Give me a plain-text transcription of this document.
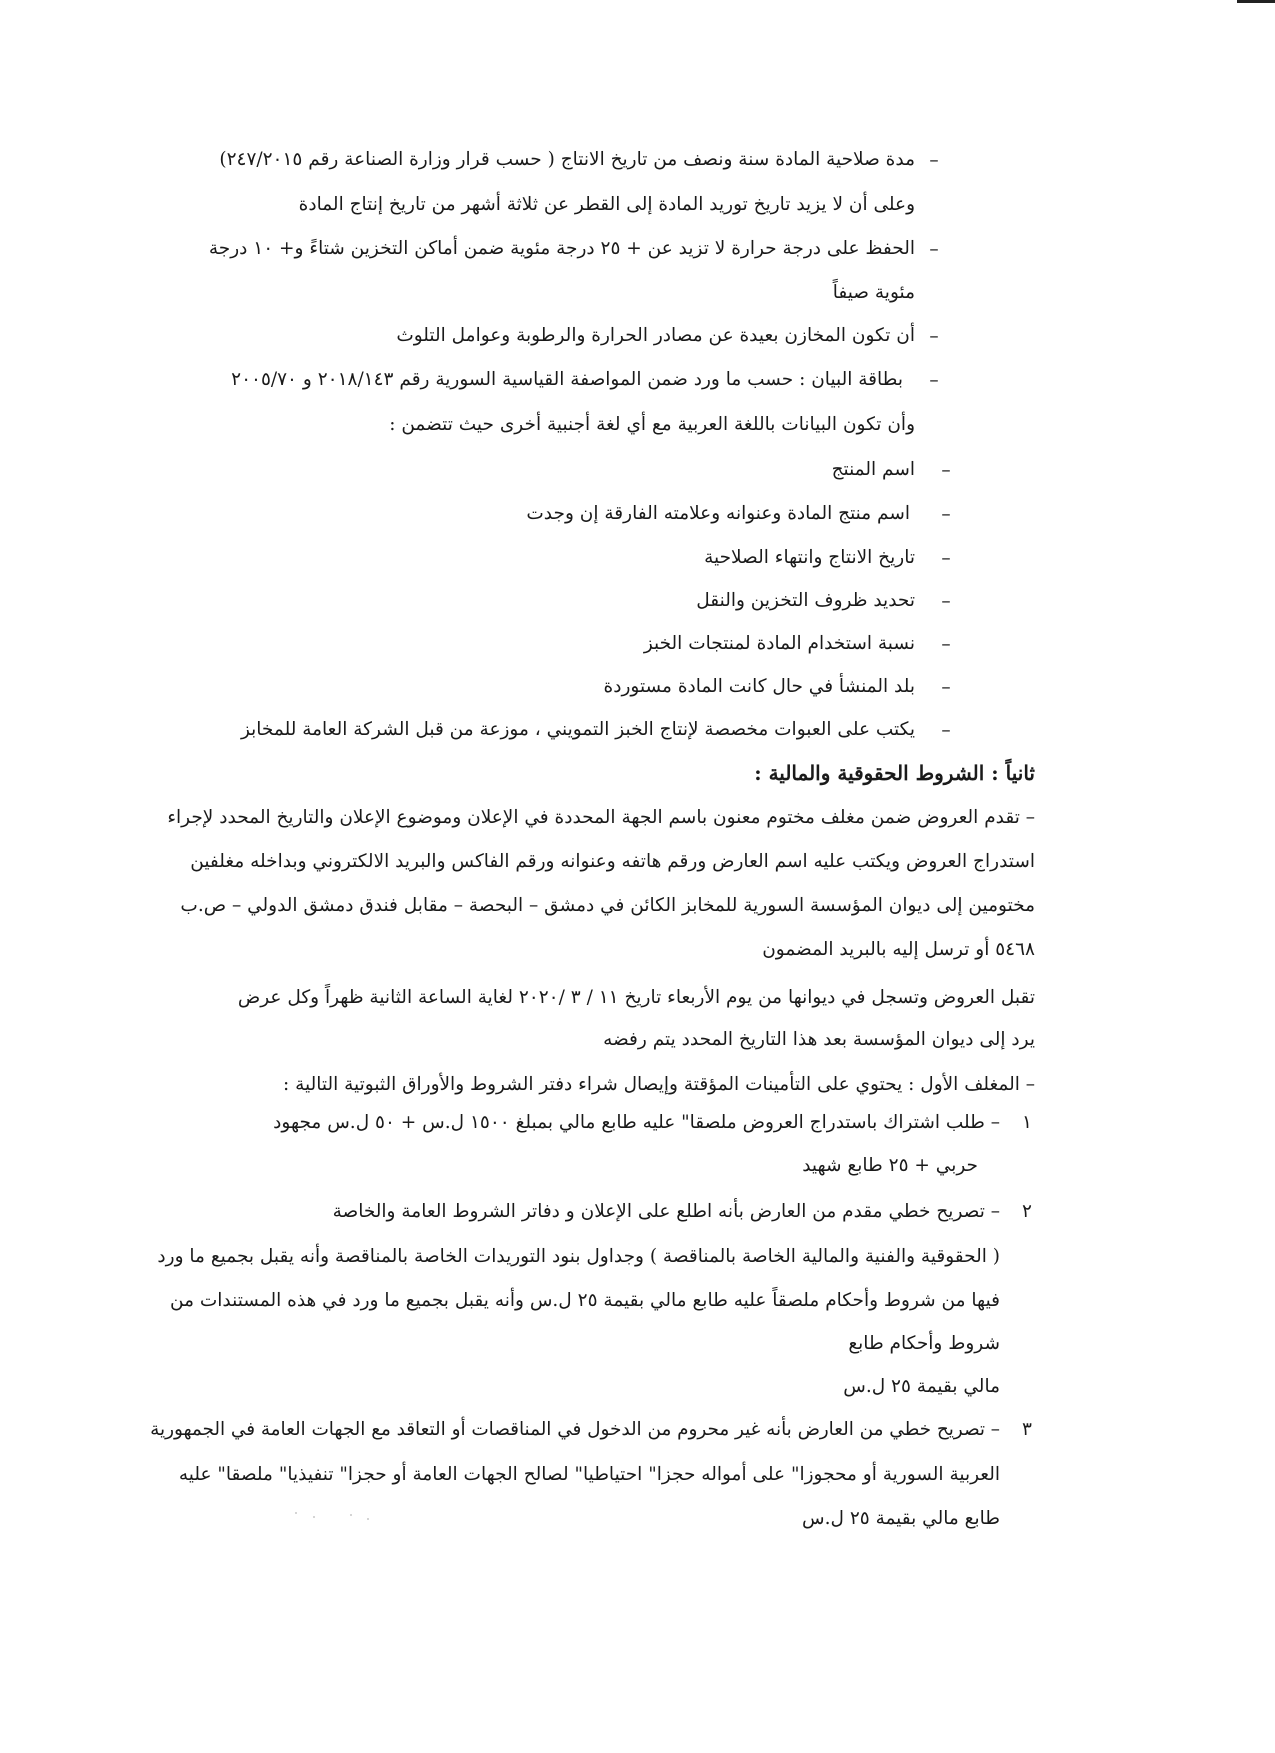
–
مدة صلاحية المادة سنة ونصف من تاريخ الانتاج ( حسب قرار وزارة الصناعة رقم ٢٤٧/٢٠١٥)
وعلى أن لا يزيد تاريخ توريد المادة إلى القطر عن ثلاثة أشهر من تاريخ إنتاج المادة
–
الحفظ على درجة حرارة لا تزيد عن + ٢٥ درجة مئوية ضمن أماكن التخزين شتاءً و+ ١٠ درجة
مئوية صيفاً
–
أن تكون المخازن بعيدة عن مصادر الحرارة والرطوبة وعوامل التلوث
–
بطاقة البيان : حسب ما ورد ضمن المواصفة القياسية السورية رقم ٢٠١٨/١٤٣ و ٢٠٠٥/٧٠
وأن تكون البيانات باللغة العربية مع أي لغة أجنبية أخرى حيث تتضمن :
–
اسم المنتج
–
اسم منتج المادة وعنوانه وعلامته الفارقة إن وجدت
–
تاريخ الانتاج وانتهاء الصلاحية
–
تحديد ظروف التخزين والنقل
–
نسبة استخدام المادة لمنتجات الخبز
–
بلد المنشأ في حال كانت المادة مستوردة
–
يكتب على العبوات مخصصة لإنتاج الخبز التمويني ، موزعة من قبل الشركة العامة للمخابز
ثانياً : الشروط الحقوقية والمالية :
– تقدم العروض ضمن مغلف مختوم معنون باسم الجهة المحددة في الإعلان وموضوع الإعلان والتاريخ المحدد لإجراء
استدراج العروض ويكتب عليه اسم العارض ورقم هاتفه وعنوانه ورقم الفاكس والبريد الالكتروني وبداخله مغلفين
مختومين إلى ديوان المؤسسة السورية للمخابز الكائن في دمشق – البحصة – مقابل فندق دمشق الدولي – ص.ب
٥٤٦٨ أو ترسل إليه بالبريد المضمون
تقبل العروض وتسجل في ديوانها من يوم الأربعاء تاريخ ١١ / ٣ /٢٠٢٠ لغاية الساعة الثانية ظهراً وكل عرض
يرد إلى ديوان المؤسسة بعد هذا التاريخ المحدد يتم رفضه
– المغلف الأول : يحتوي على التأمينات المؤقتة وإيصال شراء دفتر الشروط والأوراق الثبوتية التالية :
١
– طلب اشتراك باستدراج العروض ملصقا" عليه طابع مالي بمبلغ ١٥٠٠ ل.س + ٥٠ ل.س مجهود
حربي + ٢٥ طابع شهيد
٢
– تصريح خطي مقدم من العارض بأنه اطلع على الإعلان و دفاتر الشروط العامة والخاصة
( الحقوقية والفنية والمالية الخاصة بالمناقصة ) وجداول بنود التوريدات الخاصة بالمناقصة وأنه يقبل بجميع ما ورد
فيها من شروط وأحكام ملصقاً عليه طابع مالي بقيمة ٢٥ ل.س وأنه يقبل بجميع ما ورد في هذه المستندات من
شروط وأحكام طابع
مالي بقيمة ٢٥ ل.س
٣
– تصريح خطي من العارض بأنه غير محروم من الدخول في المناقصات أو التعاقد مع الجهات العامة في الجمهورية
العربية السورية أو محجوزا" على أمواله حجزا" احتياطيا" لصالح الجهات العامة أو حجزا" تنفيذيا" ملصقا" عليه
طابع مالي بقيمة ٢٥ ل.س
